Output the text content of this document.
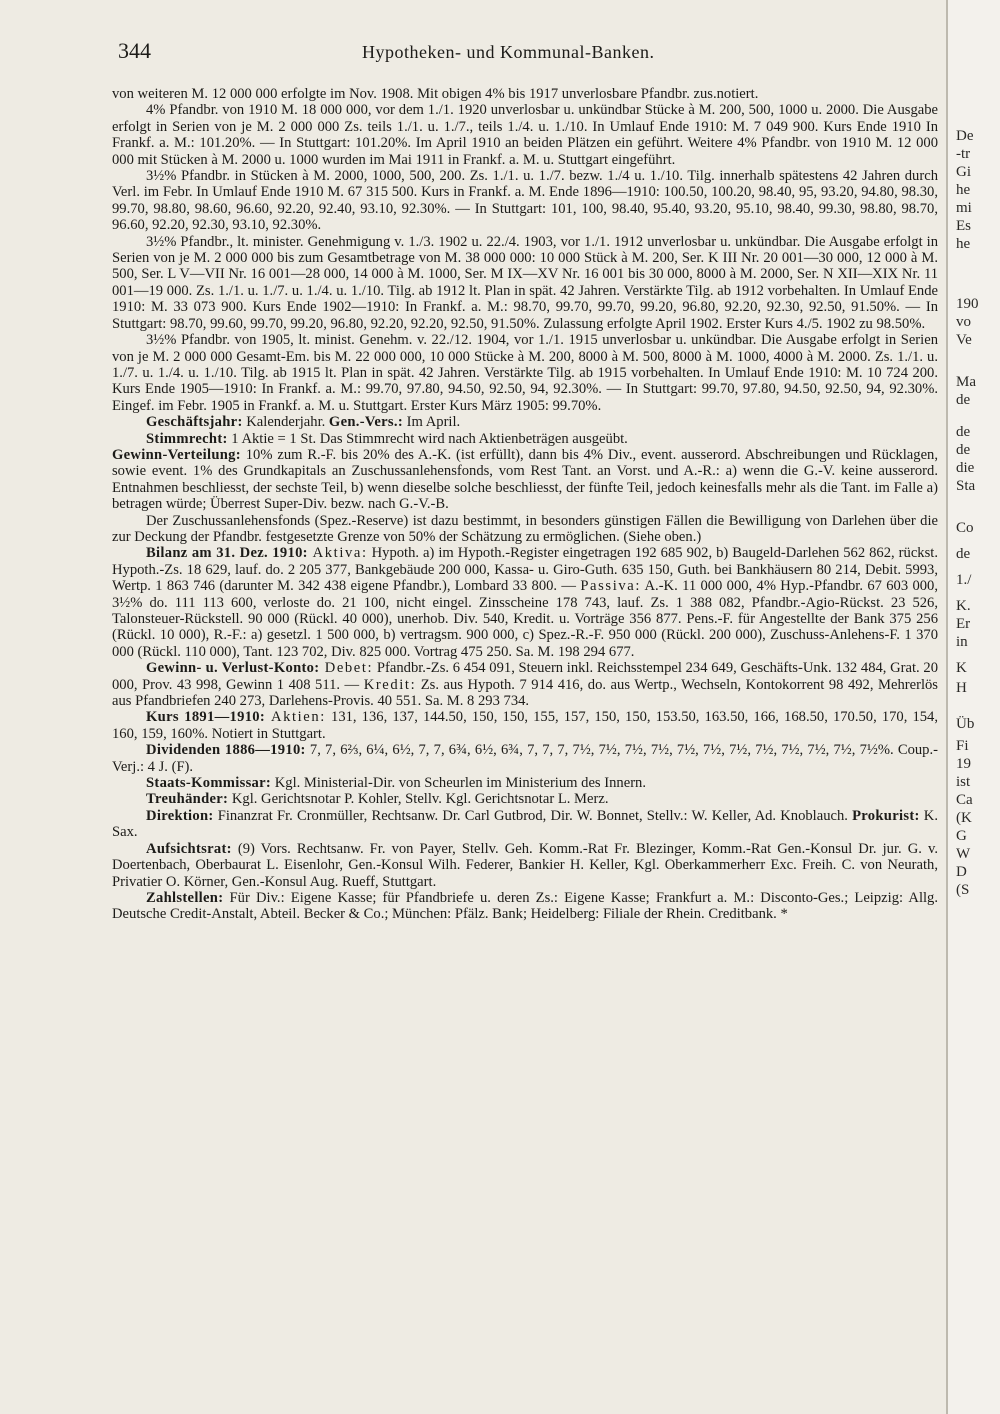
344	Hypotheken- und Kommunal-Banken.

von weiteren M. 12 000 000 erfolgte im Nov. 1908. Mit obigen 4% bis 1917 unverlosbare Pfandbr. zus.notiert.

4% Pfandbr. von 1910 M. 18 000 000, vor dem 1./1. 1920 unverlosbar u. unkündbar Stücke à M. 200, 500, 1000 u. 2000. Die Ausgabe erfolgt in Serien von je M. 2 000 000 Zs. teils 1./1. u. 1./7., teils 1./4. u. 1./10. In Umlauf Ende 1910: M. 7 049 900. Kurs Ende 1910 In Frankf. a. M.: 101.20%. — In Stuttgart: 101.20%. Im April 1910 an beiden Plätzen ein geführt. Weitere 4% Pfandbr. von 1910 M. 12 000 000 mit Stücken à M. 2000 u. 1000 wurden im Mai 1911 in Frankf. a. M. u. Stuttgart eingeführt.

3½% Pfandbr. in Stücken à M. 2000, 1000, 500, 200. Zs. 1./1. u. 1./7. bezw. 1./4 u. 1./10. Tilg. innerhalb spätestens 42 Jahren durch Verl. im Febr. In Umlauf Ende 1910 M. 67 315 500. Kurs in Frankf. a. M. Ende 1896—1910: 100.50, 100.20, 98.40, 95, 93.20, 94.80, 98.30, 99.70, 98.80, 98.60, 96.60, 92.20, 92.40, 93.10, 92.30%. — In Stuttgart: 101, 100, 98.40, 95.40, 93.20, 95.10, 98.40, 99.30, 98.80, 98.70, 96.60, 92.20, 92.30, 93.10, 92.30%.

3½% Pfandbr., lt. minister. Genehmigung v. 1./3. 1902 u. 22./4. 1903, vor 1./1. 1912 unverlosbar u. unkündbar. Die Ausgabe erfolgt in Serien von je M. 2 000 000 bis zum Gesamtbetrage von M. 38 000 000: 10 000 Stück à M. 200, Ser. K III Nr. 20 001—30 000, 12 000 à M. 500, Ser. L V—VII Nr. 16 001—28 000, 14 000 à M. 1000, Ser. M IX—XV Nr. 16 001 bis 30 000, 8000 à M. 2000, Ser. N XII—XIX Nr. 11 001—19 000. Zs. 1./1. u. 1./7. u. 1./4. u. 1./10. Tilg. ab 1912 lt. Plan in spät. 42 Jahren. Verstärkte Tilg. ab 1912 vorbehalten. In Umlauf Ende 1910: M. 33 073 900. Kurs Ende 1902—1910: In Frankf. a. M.: 98.70, 99.70, 99.70, 99.20, 96.80, 92.20, 92.30, 92.50, 91.50%. — In Stuttgart: 98.70, 99.60, 99.70, 99.20, 96.80, 92.20, 92.20, 92.50, 91.50%. Zulassung erfolgte April 1902. Erster Kurs 4./5. 1902 zu 98.50%.

3½% Pfandbr. von 1905, lt. minist. Genehm. v. 22./12. 1904, vor 1./1. 1915 unverlosbar u. unkündbar. Die Ausgabe erfolgt in Serien von je M. 2 000 000 Gesamt-Em. bis M. 22 000 000, 10 000 Stücke à M. 200, 8000 à M. 500, 8000 à M. 1000, 4000 à M. 2000. Zs. 1./1. u. 1./7. u. 1./4. u. 1./10. Tilg. ab 1915 lt. Plan in spät. 42 Jahren. Verstärkte Tilg. ab 1915 vorbehalten. In Umlauf Ende 1910: M. 10 724 200. Kurs Ende 1905—1910: In Frankf. a. M.: 99.70, 97.80, 94.50, 92.50, 94, 92.30%. — In Stuttgart: 99.70, 97.80, 94.50, 92.50, 94, 92.30%. Eingef. im Febr. 1905 in Frankf. a. M. u. Stuttgart. Erster Kurs März 1905: 99.70%.

Geschäftsjahr: Kalenderjahr. Gen.-Vers.: Im April.

Stimmrecht: 1 Aktie = 1 St. Das Stimmrecht wird nach Aktienbeträgen ausgeübt.

Gewinn-Verteilung: 10% zum R.-F. bis 20% des A.-K. (ist erfüllt), dann bis 4% Div., event. ausserord. Abschreibungen und Rücklagen, sowie event. 1% des Grundkapitals an Zuschussanlehensfonds, vom Rest Tant. an Vorst. und A.-R.: a) wenn die G.-V. keine ausserord. Entnahmen beschliesst, der sechste Teil, b) wenn dieselbe solche beschliesst, der fünfte Teil, jedoch keinesfalls mehr als die Tant. im Falle a) betragen würde; Überrest Super-Div. bezw. nach G.-V.-B.

Der Zuschussanlehensfonds (Spez.-Reserve) ist dazu bestimmt, in besonders günstigen Fällen die Bewilligung von Darlehen über die zur Deckung der Pfandbr. festgesetzte Grenze von 50% der Schätzung zu ermöglichen. (Siehe oben.)

Bilanz am 31. Dez. 1910: Aktiva: Hypoth. a) im Hypoth.-Register eingetragen 192 685 902, b) Baugeld-Darlehen 562 862, rückst. Hypoth.-Zs. 18 629, lauf. do. 2 205 377, Bankgebäude 200 000, Kassa- u. Giro-Guth. 635 150, Guth. bei Bankhäusern 80 214, Debit. 5993, Wertp. 1 863 746 (darunter M. 342 438 eigene Pfandbr.), Lombard 33 800. — Passiva: A.-K. 11 000 000, 4% Hyp.-Pfandbr. 67 603 000, 3½% do. 111 113 600, verloste do. 21 100, nicht eingel. Zinsscheine 178 743, lauf. Zs. 1 388 082, Pfandbr.-Agio-Rückst. 23 526, Talonsteuer-Rückstell. 90 000 (Rückl. 40 000), unerhob. Div. 540, Kredit. u. Vorträge 356 877. Pens.-F. für Angestellte der Bank 375 256 (Rückl. 10 000), R.-F.: a) gesetzl. 1 500 000, b) vertragsm. 900 000, c) Spez.-R.-F. 950 000 (Rückl. 200 000), Zuschuss-Anlehens-F. 1 370 000 (Rückl. 110 000), Tant. 123 702, Div. 825 000. Vortrag 475 250. Sa. M. 198 294 677.

Gewinn- u. Verlust-Konto: Debet: Pfandbr.-Zs. 6 454 091, Steuern inkl. Reichsstempel 234 649, Geschäfts-Unk. 132 484, Grat. 20 000, Prov. 43 998, Gewinn 1 408 511. — Kredit: Zs. aus Hypoth. 7 914 416, do. aus Wertp., Wechseln, Kontokorrent 98 492, Mehrerlös aus Pfandbriefen 240 273, Darlehens-Provis. 40 551. Sa. M. 8 293 734.

Kurs 1891—1910: Aktien: 131, 136, 137, 144.50, 150, 150, 155, 157, 150, 150, 153.50, 163.50, 166, 168.50, 170.50, 170, 154, 160, 159, 160%. Notiert in Stuttgart.

Dividenden 1886—1910: 7, 7, 6⅔, 6¼, 6½, 7, 7, 6¾, 6½, 6¾, 7, 7, 7, 7½, 7½, 7½, 7½, 7½, 7½, 7½, 7½, 7½, 7½, 7½, 7½%. Coup.-Verj.: 4 J. (F).

Staats-Kommissar: Kgl. Ministerial-Dir. von Scheurlen im Ministerium des Innern.

Treuhänder: Kgl. Gerichtsnotar P. Kohler, Stellv. Kgl. Gerichtsnotar L. Merz.

Direktion: Finanzrat Fr. Cronmüller, Rechtsanw. Dr. Carl Gutbrod, Dir. W. Bonnet, Stellv.: W. Keller, Ad. Knoblauch. Prokurist: K. Sax.

Aufsichtsrat: (9) Vors. Rechtsanw. Fr. von Payer, Stellv. Geh. Komm.-Rat Fr. Blezinger, Komm.-Rat Gen.-Konsul Dr. jur. G. v. Doertenbach, Oberbaurat L. Eisenlohr, Gen.-Konsul Wilh. Federer, Bankier H. Keller, Kgl. Oberkammerherr Exc. Freih. C. von Neurath, Privatier O. Körner, Gen.-Konsul Aug. Rueff, Stuttgart.

Zahlstellen: Für Div.: Eigene Kasse; für Pfandbriefe u. deren Zs.: Eigene Kasse; Frankfurt a. M.: Disconto-Ges.; Leipzig: Allg. Deutsche Credit-Anstalt, Abteil. Becker & Co.; München: Pfälz. Bank; Heidelberg: Filiale der Rhein. Creditbank. *

De
-tr
Gi
he
mi
Es
he
190
vo
Ve
Ma
de
de
de
die
Sta
Co
de
1./
K.
Er
in
K
H
Üb
Fi
19
ist
Ca
(K
G
W
D
(S
